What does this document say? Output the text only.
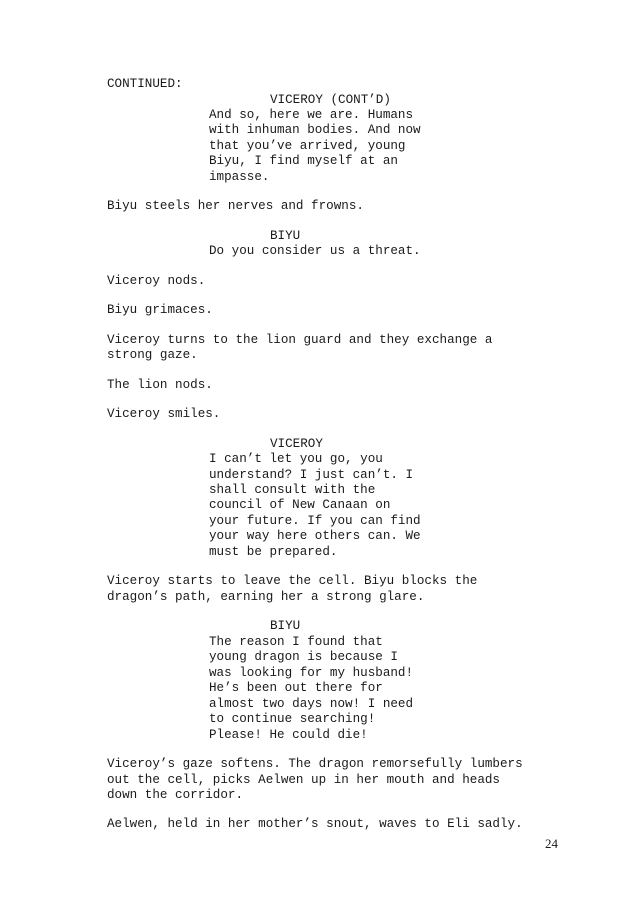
CONTINUED:
VICEROY (CONT’D)
And so, here we are. Humans
with inhuman bodies. And now
that you’ve arrived, young
Biyu, I find myself at an
impasse.
Biyu steels her nerves and frowns.
BIYU
Do you consider us a threat.
Viceroy nods.
Biyu grimaces.
Viceroy turns to the lion guard and they exchange a
strong gaze.
The lion nods.
Viceroy smiles.
VICEROY
I can’t let you go, you
understand? I just can’t. I
shall consult with the
council of New Canaan on
your future. If you can find
your way here others can. We
must be prepared.
Viceroy starts to leave the cell. Biyu blocks the
dragon’s path, earning her a strong glare.
BIYU
The reason I found that
young dragon is because I
was looking for my husband!
He’s been out there for
almost two days now! I need
to continue searching!
Please! He could die!
Viceroy’s gaze softens. The dragon remorsefully lumbers
out the cell, picks Aelwen up in her mouth and heads
down the corridor.
Aelwen, held in her mother’s snout, waves to Eli sadly.
24
